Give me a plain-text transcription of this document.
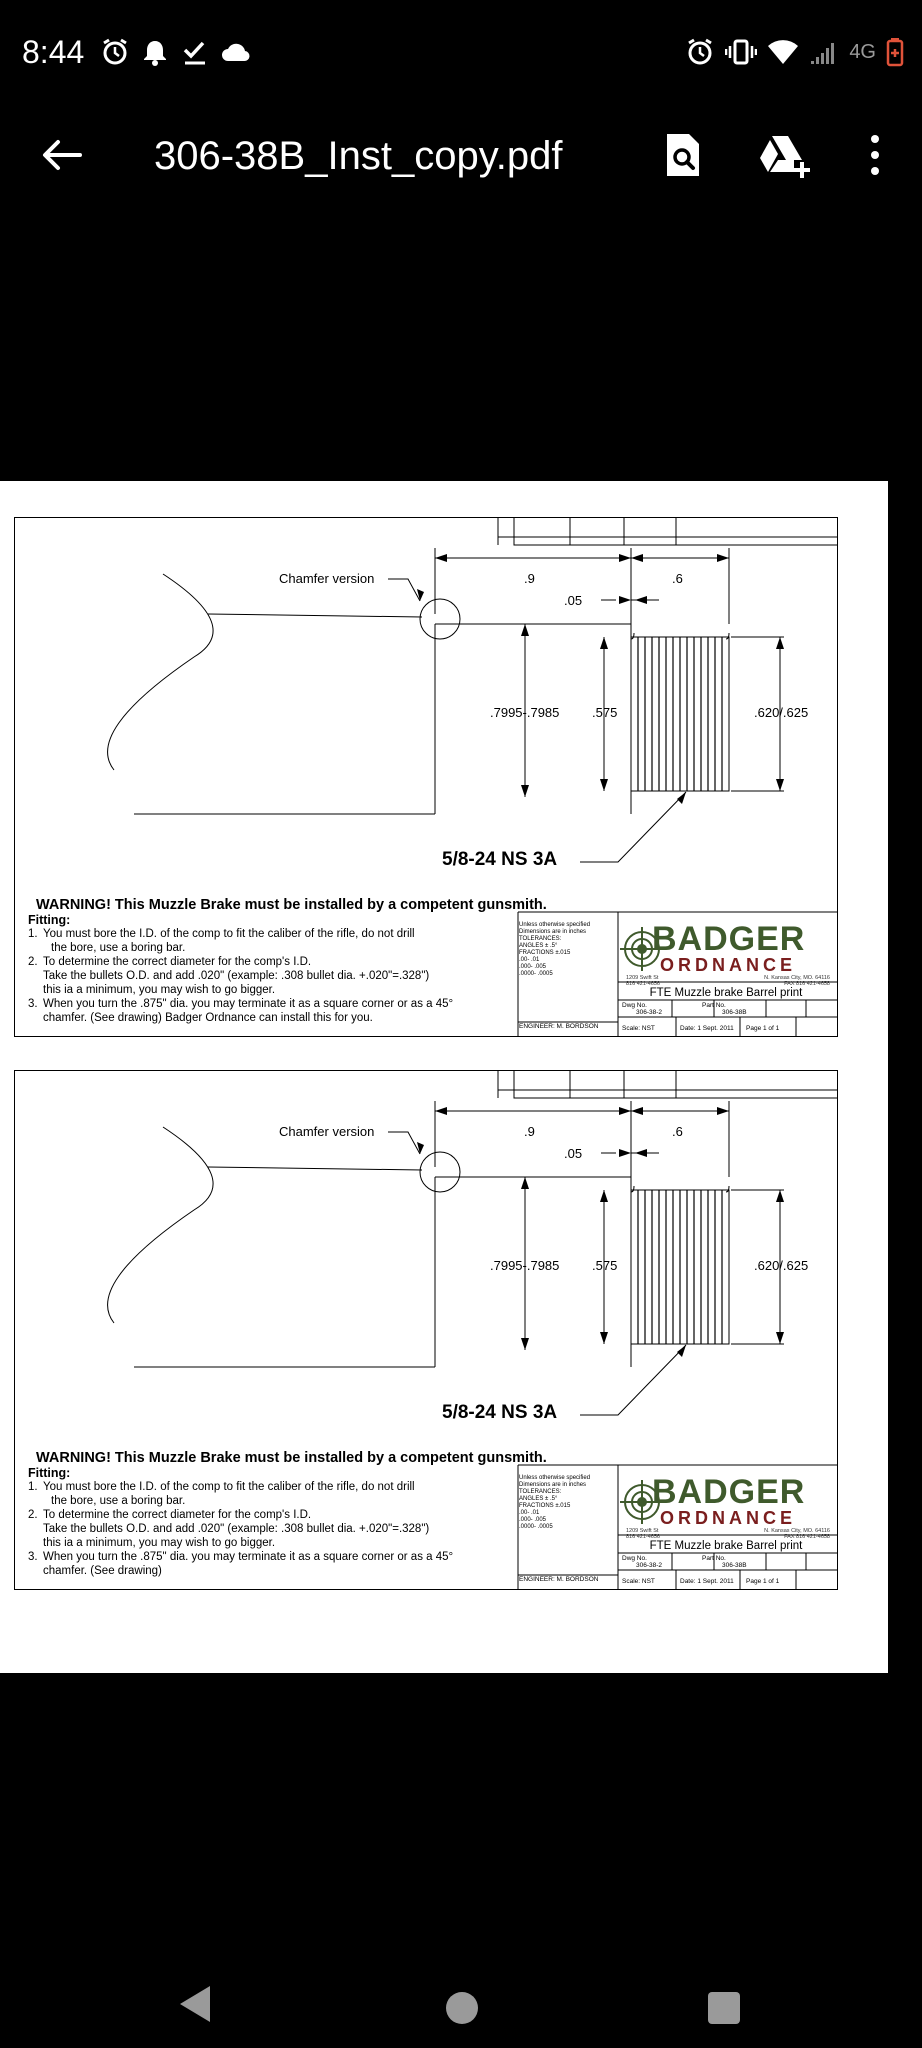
8:44	4G
306-38B_Inst_copy.pdf
Chamfer version	.9	.6
.05
.7995-.7985	.575	.620/.625
5/8-24 NS 3A
WARNING! This Muzzle Brake must be installed by a competent gunsmith.
Fitting:
1. You must bore the I.D. of the comp to fit the caliber of the rifle, do not drill
the bore, use a boring bar.
2. To determine the correct diameter for the comp's I.D.
Take the bullets O.D. and add .020" (example: .308 bullet dia. +.020"=.328")
this ia a minimum, you may wish to go bigger.
3. When you turn the .875" dia. you may terminate it as a square corner or as a 45°
chamfer. (See drawing) Badger Ordnance can install this for you.
Unless otherwise specified
Dimensions are in inches
TOLERANCES:
ANGLES ± .5°
FRACTIONS ±.015
.00- .01
.000- .005
.0000- .0005
ENGINEER: M. BORDSON
BADGER
ORDNANCE
1209 Swift St
816 421-4656
N. Kansas City, MO. 64116
FAX 816 421-4658
FTE Muzzle brake Barrel print
Dwg No.
306-38-2
Part No.
306-38B
Scale: NST	Date: 1 Sept. 2011 Page 1 of 1
Chamfer version	.9	.6
.05
.7995-.7985	.575	.620/.625
5/8-24 NS 3A
WARNING! This Muzzle Brake must be installed by a competent gunsmith.
Fitting:
1. You must bore the I.D. of the comp to fit the caliber of the rifle, do not drill
the bore, use a boring bar.
2. To determine the correct diameter for the comp's I.D.
Take the bullets O.D. and add .020" (example: .308 bullet dia. +.020"=.328")
this ia a minimum, you may wish to go bigger.
3. When you turn the .875" dia. you may terminate it as a square corner or as a 45°
chamfer. (See drawing)
Unless otherwise specified
Dimensions are in inches
TOLERANCES:
ANGLES ± .5°
FRACTIONS ±.015
.00- .01
.000- .005
.0000- .0005
ENGINEER: M. BORDSON
BADGER
ORDNANCE
1209 Swift St
816 421-4656
N. Kansas City, MO. 64116
FAX 816 421-4658
FTE Muzzle brake Barrel print
Dwg No.
306-38-2
Part No.
306-38B
Scale: NST	Date: 1 Sept. 2011 Page 1 of 1
